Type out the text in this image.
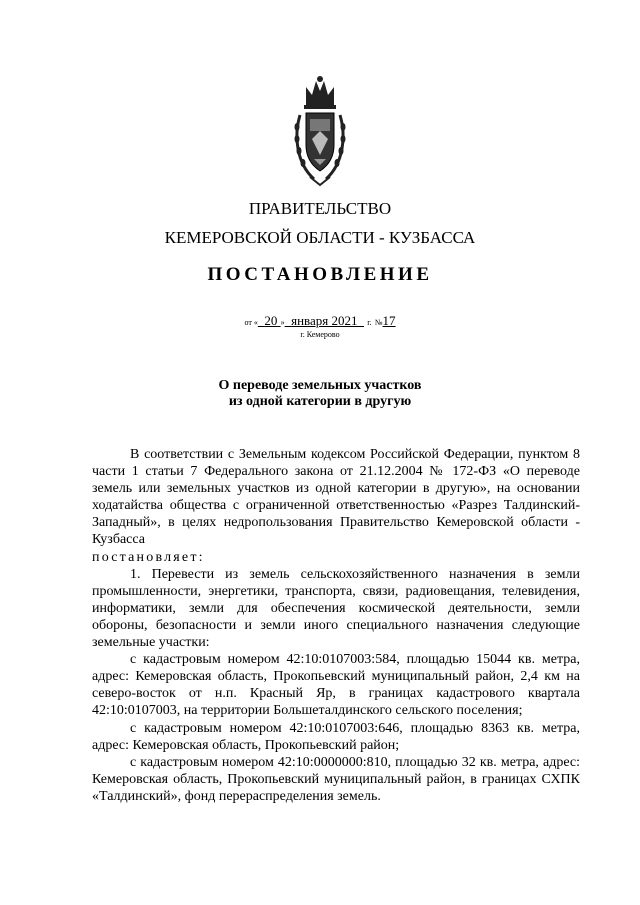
ПРАВИТЕЛЬСТВО
КЕМЕРОВСКОЙ ОБЛАСТИ - КУЗБАССА
ПОСТАНОВЛЕНИЕ
от « 20 » января 2021 г. №17
г. Кемерово
О переводе земельных участков
из одной категории в другую

В соответствии с Земельным кодексом Российской Федерации, пунктом 8 части 1 статьи 7 Федерального закона от 21.12.2004 № 172-ФЗ «О переводе земель или земельных участков из одной категории в другую», на основании ходатайства общества с ограниченной ответственностью «Разрез Талдинский-Западный», в целях недропользования Правительство Кемеровской области - Кузбасса

постановляет:

1. Перевести из земель сельскохозяйственного назначения в земли промышленности, энергетики, транспорта, связи, радиовещания, телевидения, информатики, земли для обеспечения космической деятельности, земли обороны, безопасности и земли иного специального назначения следующие земельные участки:

с кадастровым номером 42:10:0107003:584, площадью 15044 кв. метра, адрес: Кемеровская область, Прокопьевский муниципальный район, 2,4 км на северо-восток от н.п. Красный Яр, в границах кадастрового квартала 42:10:0107003, на территории Большеталдинского сельского поселения;

с кадастровым номером 42:10:0107003:646, площадью 8363 кв. метра, адрес: Кемеровская область, Прокопьевский район;

с кадастровым номером 42:10:0000000:810, площадью 32 кв. метра, адрес: Кемеровская область, Прокопьевский муниципальный район, в границах СХПК «Талдинский», фонд перераспределения земель.
